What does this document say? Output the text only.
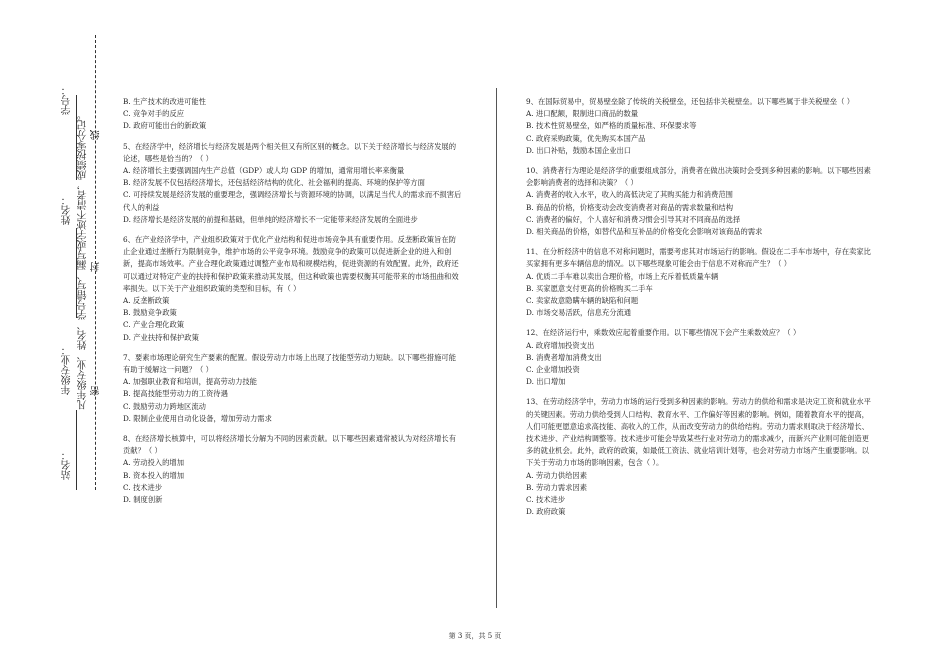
学号：
姓名：
年级专业：
站名：
凡年级专业、姓名、学号错写、漏写或字迹不清者，成绩按零分记。 线
封
密
B. 生产技术的改进可能性
C. 竞争对手的反应
D. 政府可能出台的新政策
5、在经济学中，经济增长与经济发展是两个相关但又有所区别的概念。以下关于经济增长与经济发展的论述，哪些是恰当的？（ ）
A. 经济增长主要强调国内生产总值（GDP）或人均 GDP 的增加，通常用增长率来衡量
B. 经济发展不仅包括经济增长，还包括经济结构的优化、社会福利的提高、环境的保护等方面
C. 可持续发展是经济发展的重要理念，强调经济增长与资源环境的协调，以满足当代人的需求而不损害后代人的利益
D. 经济增长是经济发展的前提和基础，但单纯的经济增长不一定能带来经济发展的全面进步
6、在产业经济学中，产业组织政策对于优化产业结构和促进市场竞争具有重要作用。反垄断政策旨在防止企业通过垄断行为限制竞争，维护市场的公平竞争环境。鼓励竞争的政策可以促进新企业的进入和创新，提高市场效率。产业合理化政策通过调整产业布局和规模结构，促进资源的有效配置。此外，政府还可以通过对特定产业的扶持和保护政策来推动其发展，但这种政策也需要权衡其可能带来的市场扭曲和效率损失。以下关于产业组织政策的类型和目标，有（ ）
A. 反垄断政策
B. 鼓励竞争政策
C. 产业合理化政策
D. 产业扶持和保护政策
7、要素市场理论研究生产要素的配置。假设劳动力市场上出现了技能型劳动力短缺。以下哪些措施可能有助于缓解这一问题？（ ）
A. 加强职业教育和培训，提高劳动力技能
B. 提高技能型劳动力的工资待遇
C. 鼓励劳动力跨地区流动
D. 限制企业使用自动化设备，增加劳动力需求
8、在经济增长核算中，可以将经济增长分解为不同的因素贡献。以下哪些因素通常被认为对经济增长有贡献？（ ）
A. 劳动投入的增加
B. 资本投入的增加
C. 技术进步
D. 制度创新
9、在国际贸易中，贸易壁垒除了传统的关税壁垒，还包括非关税壁垒。以下哪些属于非关税壁垒（ ）
A. 进口配额，限制进口商品的数量
B. 技术性贸易壁垒，如严格的质量标准、环保要求等
C. 政府采购政策，优先购买本国产品
D. 出口补贴，鼓励本国企业出口
10、消费者行为理论是经济学的重要组成部分，消费者在做出决策时会受到多种因素的影响。以下哪些因素会影响消费者的选择和决策？（ ）
A. 消费者的收入水平，收入的高低决定了其购买能力和消费范围
B. 商品的价格，价格变动会改变消费者对商品的需求数量和结构
C. 消费者的偏好，个人喜好和消费习惯会引导其对不同商品的选择
D. 相关商品的价格，如替代品和互补品的价格变化会影响对该商品的需求
11、在分析经济中的信息不对称问题时，需要考虑其对市场运行的影响。假设在二手车市场中，存在卖家比买家拥有更多车辆信息的情况。以下哪些现象可能会由于信息不对称而产生？（ ）
A. 优质二手车难以卖出合理价格，市场上充斥着低质量车辆
B. 买家愿意支付更高的价格购买二手车
C. 卖家故意隐瞒车辆的缺陷和问题
D. 市场交易活跃，信息充分流通
12、在经济运行中，乘数效应起着重要作用。以下哪些情况下会产生乘数效应？（ ）
A. 政府增加投资支出
B. 消费者增加消费支出
C. 企业增加投资
D. 出口增加
13、在劳动经济学中，劳动力市场的运行受到多种因素的影响。劳动力的供给和需求是决定工资和就业水平的关键因素。劳动力供给受到人口结构、教育水平、工作偏好等因素的影响。例如，随着教育水平的提高，人们可能更愿意追求高技能、高收入的工作，从而改变劳动力的供给结构。劳动力需求则取决于经济增长、技术进步、产业结构调整等。技术进步可能会导致某些行业对劳动力的需求减少，而新兴产业则可能创造更多的就业机会。此外，政府的政策，如最低工资法、就业培训计划等，也会对劳动力市场产生重要影响。以下关于劳动力市场的影响因素，包含（ ）。
A. 劳动力供给因素
B. 劳动力需求因素
C. 技术进步
D. 政府政策
第 3 页，共 5 页
